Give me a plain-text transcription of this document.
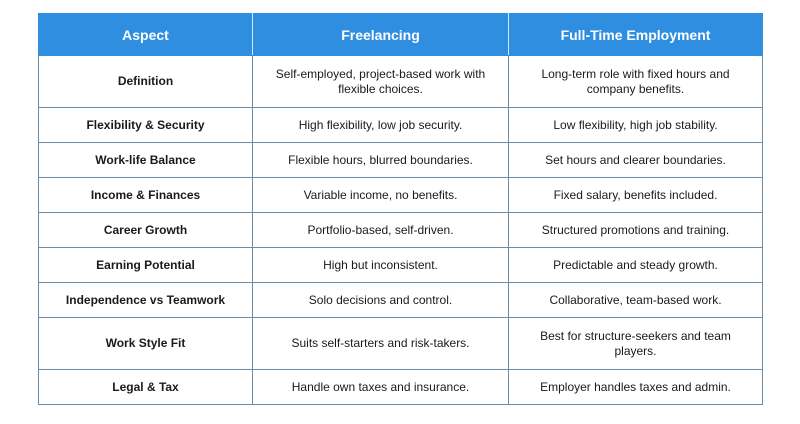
Aspect	Freelancing	Full-Time Employment
Definition	Self-employed, project-based work with flexible choices.	Long-term role with fixed hours and company benefits.
Flexibility & Security	High flexibility, low job security.	Low flexibility, high job stability.
Work-life Balance	Flexible hours, blurred boundaries.	Set hours and clearer boundaries.
Income & Finances	Variable income, no benefits.	Fixed salary, benefits included.
Career Growth	Portfolio-based, self-driven.	Structured promotions and training.
Earning Potential	High but inconsistent.	Predictable and steady growth.
Independence vs Teamwork	Solo decisions and control.	Collaborative, team-based work.
Work Style Fit	Suits self-starters and risk-takers.	Best for structure-seekers and team players.
Legal & Tax	Handle own taxes and insurance.	Employer handles taxes and admin.
